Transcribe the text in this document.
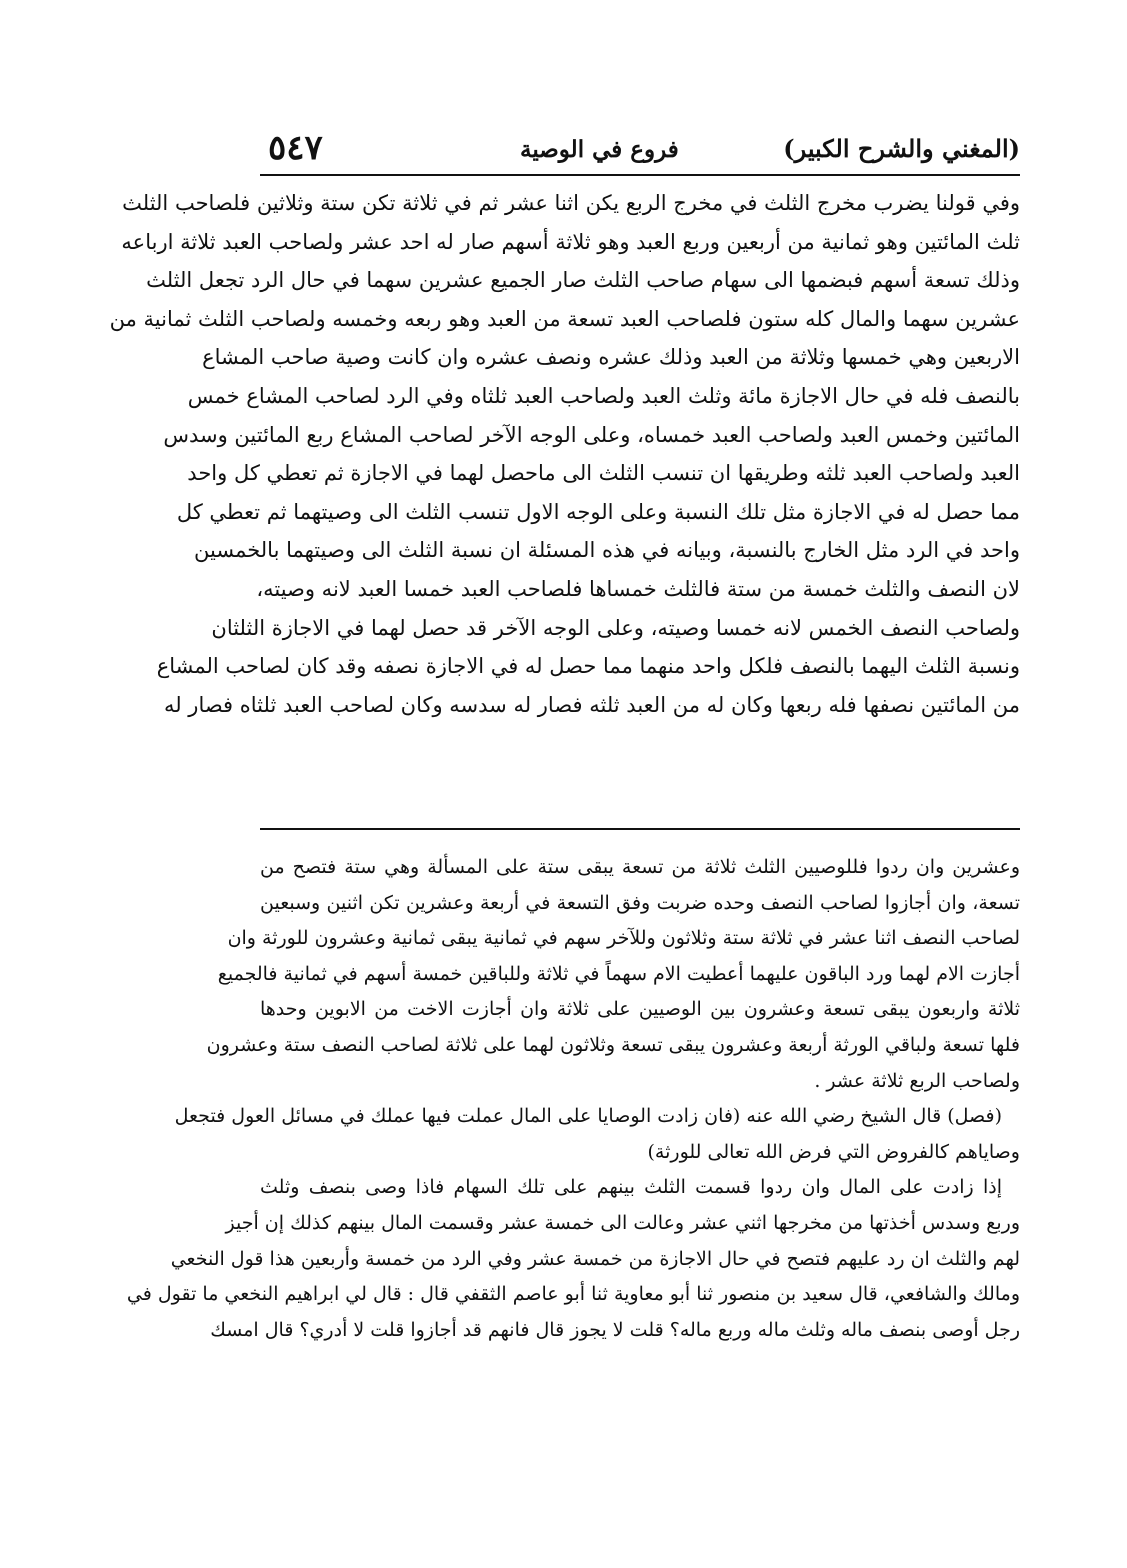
(المغني والشرح الكبير)
فروع في الوصية
٥٤٧
وفي قولنا يضرب مخرج الثلث في مخرج الربع يكن اثنا عشر ثم في ثلاثة تكن ستة وثلاثين فلصاحب الثلث
ثلث المائتين وهو ثمانية من أربعين وربع العبد وهو ثلاثة أسهم صار له احد عشر ولصاحب العبد ثلاثة ارباعه
وذلك تسعة أسهم فبضمها الى سهام صاحب الثلث صار الجميع عشرين سهما في حال الرد تجعل الثلث
عشرين سهما والمال كله ستون فلصاحب العبد تسعة من العبد وهو ربعه وخمسه ولصاحب الثلث ثمانية من
الاربعين وهي خمسها وثلاثة من العبد وذلك عشره ونصف عشره وان كانت وصية صاحب المشاع
بالنصف فله في حال الاجازة مائة وثلث العبد ولصاحب العبد ثلثاه وفي الرد لصاحب المشاع خمس
المائتين وخمس العبد ولصاحب العبد خمساه، وعلى الوجه الآخر لصاحب المشاع ربع المائتين وسدس
العبد ولصاحب العبد ثلثه وطريقها ان تنسب الثلث الى ماحصل لهما في الاجازة ثم تعطي كل واحد
مما حصل له في الاجازة مثل تلك النسبة وعلى الوجه الاول تنسب الثلث الى وصيتهما ثم تعطي كل
واحد في الرد مثل الخارج بالنسبة، وبيانه في هذه المسئلة ان نسبة الثلث الى وصيتهما بالخمسين
لان النصف والثلث خمسة من ستة فالثلث خمساها فلصاحب العبد خمسا العبد لانه وصيته،
ولصاحب النصف الخمس لانه خمسا وصيته، وعلى الوجه الآخر قد حصل لهما في الاجازة الثلثان
ونسبة الثلث اليهما بالنصف فلكل واحد منهما مما حصل له في الاجازة نصفه وقد كان لصاحب المشاع
من المائتين نصفها فله ربعها وكان له من العبد ثلثه فصار له سدسه وكان لصاحب العبد ثلثاه فصار له
وعشرين وان ردوا فللوصيين الثلث ثلاثة من تسعة يبقى ستة على المسألة وهي ستة فتصح من
تسعة، وان أجازوا لصاحب النصف وحده ضربت وفق التسعة في أربعة وعشرين تكن اثنين وسبعين
لصاحب النصف اثنا عشر في ثلاثة ستة وثلاثون وللآخر سهم في ثمانية يبقى ثمانية وعشرون للورثة وان
أجازت الام لهما ورد الباقون عليهما أعطيت الام سهماً في ثلاثة وللباقين خمسة أسهم في ثمانية فالجميع
ثلاثة واربعون يبقى تسعة وعشرون بين الوصيين على ثلاثة وان أجازت الاخت من الابوين وحدها
فلها تسعة ولباقي الورثة أربعة وعشرون يبقى تسعة وثلاثون لهما على ثلاثة لصاحب النصف ستة وعشرون
ولصاحب الربع ثلاثة عشر .
(فصل) قال الشيخ رضي الله عنه (فان زادت الوصايا على المال عملت فيها عملك في مسائل العول فتجعل
وصاياهم كالفروض التي فرض الله تعالى للورثة)
إذا زادت على المال وان ردوا قسمت الثلث بينهم على تلك السهام فاذا وصى بنصف وثلث
وربع وسدس أخذتها من مخرجها اثني عشر وعالت الى خمسة عشر وقسمت المال بينهم كذلك إن أجيز
لهم والثلث ان رد عليهم فتصح في حال الاجازة من خمسة عشر وفي الرد من خمسة وأربعين هذا قول النخعي
ومالك والشافعي، قال سعيد بن منصور ثنا أبو معاوية ثنا أبو عاصم الثقفي قال : قال لي ابراهيم النخعي ما تقول في
رجل أوصى بنصف ماله وثلث ماله وربع ماله؟ قلت لا يجوز قال فانهم قد أجازوا قلت لا أدري؟ قال امسك
